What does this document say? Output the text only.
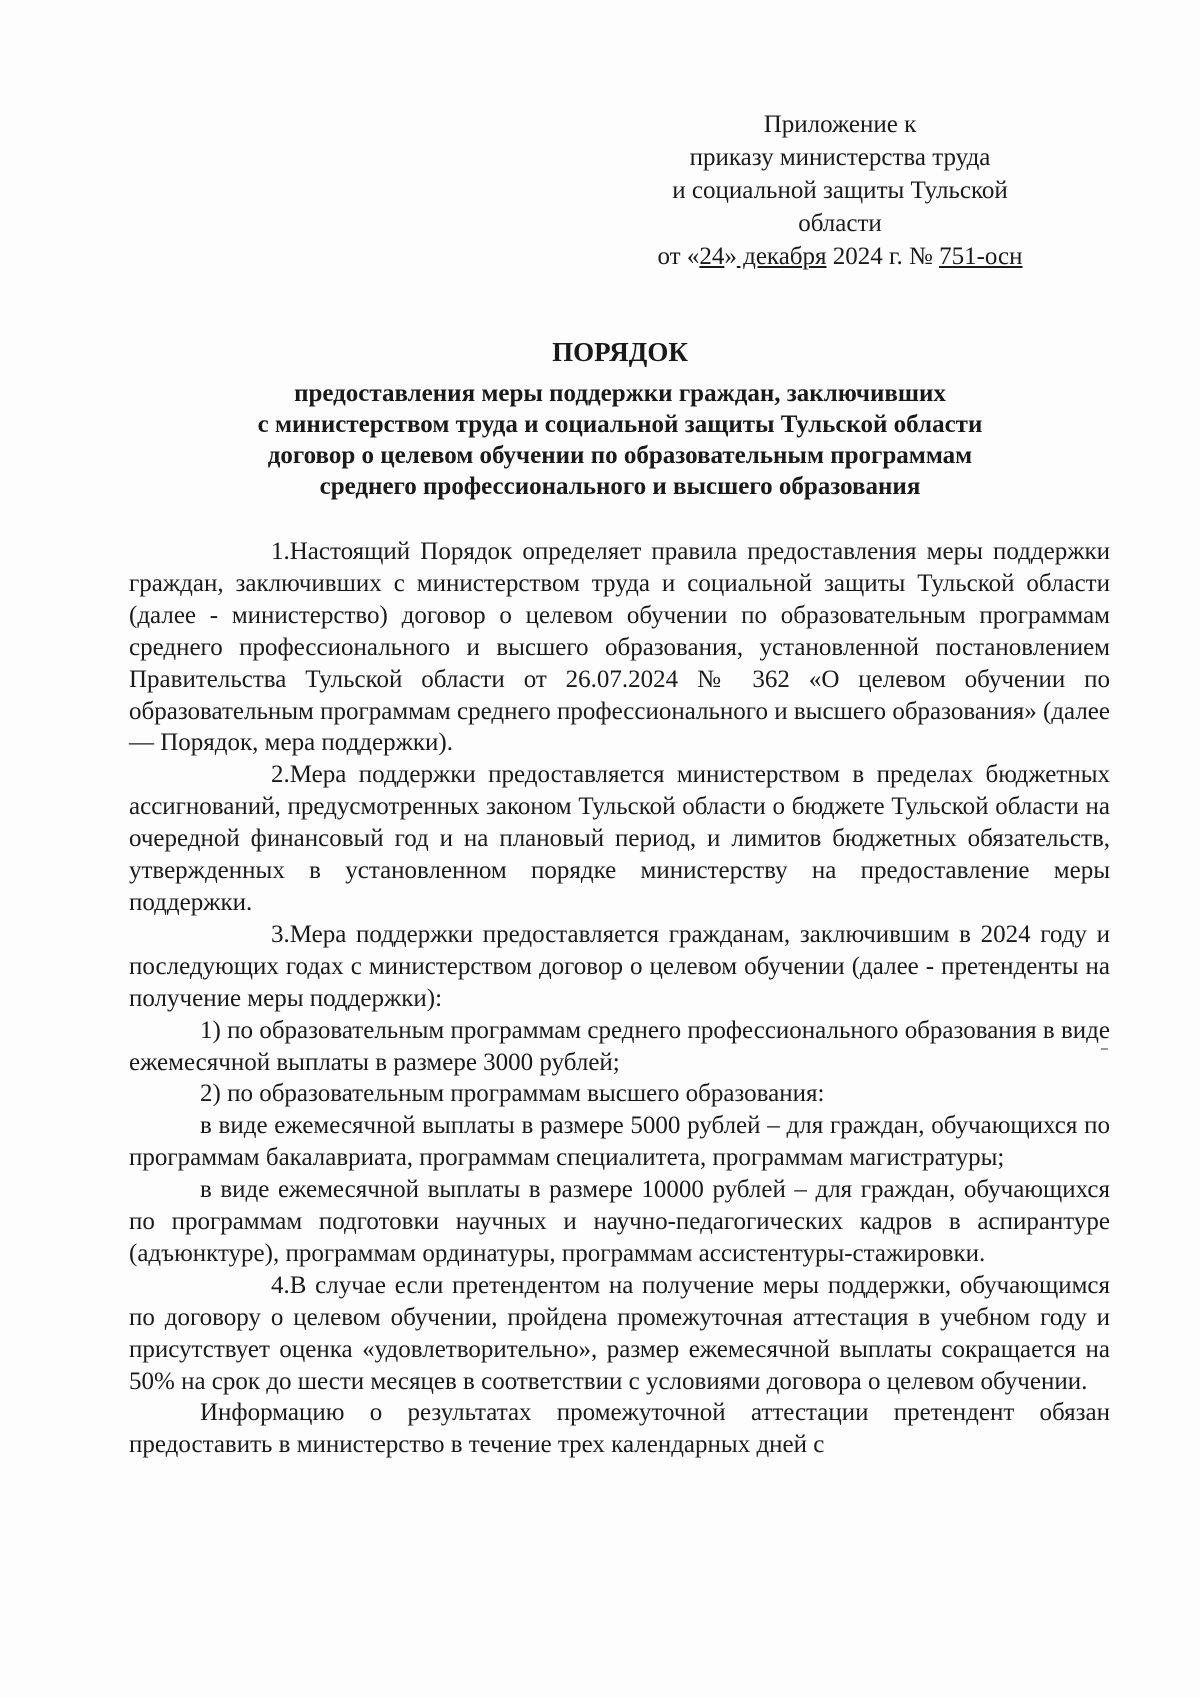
Приложение к
приказу министерства труда
и социальной защиты Тульской
области
от «24» декабря 2024 г. № 751-осн
ПОРЯДОК
предоставления меры поддержки граждан, заключивших
с министерством труда и социальной защиты Тульской области
договор о целевом обучении по образовательным программам
среднего профессионального и высшего образования

1.Настоящий Порядок определяет правила предоставления меры поддержки граждан, заключивших с министерством труда и социальной защиты Тульской области (далее - министерство) договор о целевом обучении по образовательным программам среднего профессионального и высшего образования, установленной постановлением Правительства Тульской области от 26.07.2024 № 362 «О целевом обучении по образовательным программам среднего профессионального и высшего образования» (далее — Порядок, мера поддержки).

2.Мера поддержки предоставляется министерством в пределах бюджетных ассигнований, предусмотренных законом Тульской области о бюджете Тульской области на очередной финансовый год и на плановый период, и лимитов бюджетных обязательств, утвержденных в установленном порядке министерству на предоставление меры поддержки.

3.Мера поддержки предоставляется гражданам, заключившим в 2024 году и последующих годах с министерством договор о целевом обучении (далее - претенденты на получение меры поддержки):

1) по образовательным программам среднего профессионального образования в виде ежемесячной выплаты в размере 3000 рублей;

2) по образовательным программам высшего образования:

в виде ежемесячной выплаты в размере 5000 рублей – для граждан, обучающихся по программам бакалавриата, программам специалитета, программам магистратуры;

в виде ежемесячной выплаты в размере 10000 рублей – для граждан, обучающихся по программам подготовки научных и научно-педагогических кадров в аспирантуре (адъюнктуре), программам ординатуры, программам ассистентуры-стажировки.

4.В случае если претендентом на получение меры поддержки, обучающимся по договору о целевом обучении, пройдена промежуточная аттестация в учебном году и присутствует оценка «удовлетворительно», размер ежемесячной выплаты сокращается на 50% на срок до шести месяцев в соответствии с условиями договора о целевом обучении.

Информацию о результатах промежуточной аттестации претендент обязан предоставить в министерство в течение трех календарных дней с
